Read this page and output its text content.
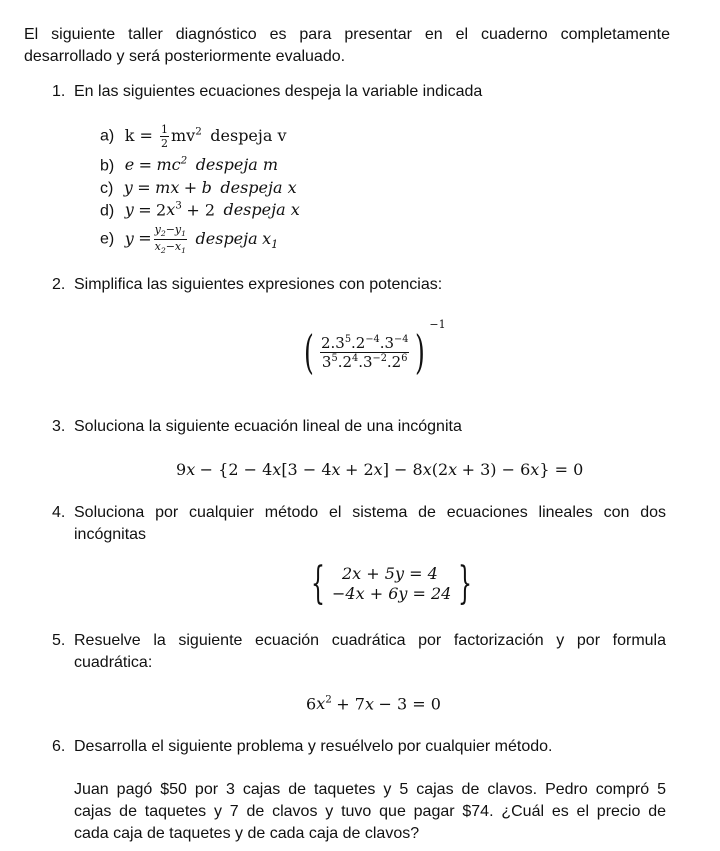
El siguiente taller diagnóstico es para presentar en el cuaderno completamente
desarrollado y será posteriormente evaluado.
1. En las siguientes ecuaciones despeja la variable indicada
a) $k = \frac{1}{2} mv^2$ despeja v
b) $e = mc^2$ despeja m
c) y = mx + b despeja x
d) $y = 2x^3 + 2$ despeja x
e) $y = \frac{y_2-y_1}{x_2-x_1}$ despeja $x_1$
2. Simplifica las siguientes expresiones con potencias:
( $\frac{2.3^5.2^{-4}.3^{-4}}{3^5.2^4.3^{-2}.2^6} )^{-1}$
3. Soluciona la siguiente ecuación lineal de una incógnita
9x − {2 − 4x[3 − 4x + 2x] − 8x(2x + 3) − 6x} = 0
4. Soluciona por cualquier método el sistema de ecuaciones lineales con dos
incógnitas
{	2x + 5y = 4
−4x + 6y = 24 }
5. Resuelve la siguiente ecuación cuadrática por factorización y por formula
cuadrática:
$6x^2 + 7x - 3 = 0$
6. Desarrolla el siguiente problema y resuélvelo por cualquier método.
Juan pagó $50 por 3 cajas de taquetes y 5 cajas de clavos. Pedro compró 5
cajas de taquetes y 7 de clavos y tuvo que pagar $74. ¿Cuál es el precio de
cada caja de taquetes y de cada caja de clavos?
